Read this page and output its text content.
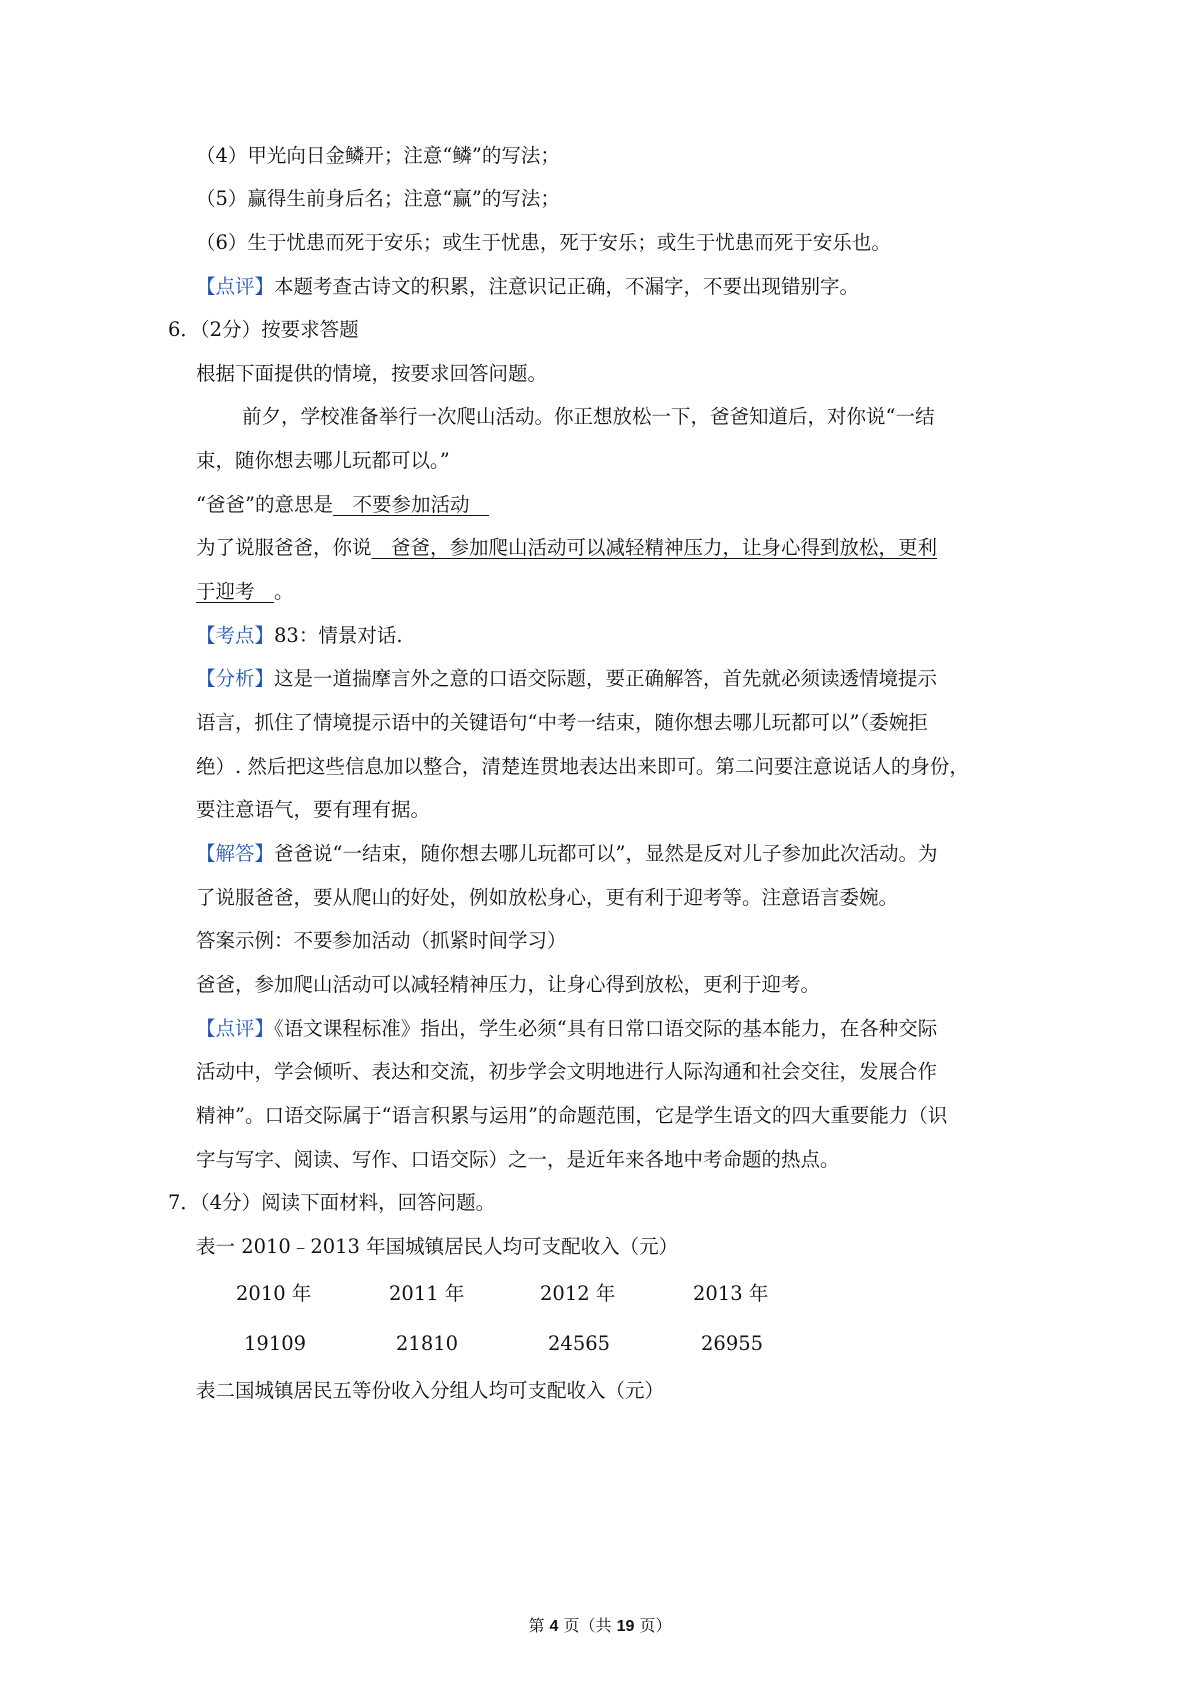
（4）甲光向日金鳞开；注意“鳞”的写法；
（5）赢得生前身后名；注意“赢”的写法；
（6）生于忧患而死于安乐；或生于忧患，死于安乐；或生于忧患而死于安乐也。
【点评】本题考查古诗文的积累，注意识记正确，不漏字，不要出现错别字。
6．（2分）按要求答题
根据下面提供的情境，按要求回答问题。
前夕，学校准备举行一次爬山活动。你正想放松一下，爸爸知道后，对你说“一结
束，随你想去哪儿玩都可以。”
“爸爸”的意思是　不要参加活动　
为了说服爸爸，你说　爸爸，参加爬山活动可以减轻精神压力，让身心得到放松，更利
于迎考　。
【考点】83：情景对话.
【分析】这是一道揣摩言外之意的口语交际题，要正确解答，首先就必须读透情境提示
语言，抓住了情境提示语中的关键语句“中考一结束，随你想去哪儿玩都可以”（委婉拒
绝）. 然后把这些信息加以整合，清楚连贯地表达出来即可。第二问要注意说话人的身份，
要注意语气，要有理有据。
【解答】爸爸说“一结束，随你想去哪儿玩都可以”，显然是反对儿子参加此次活动。为
了说服爸爸，要从爬山的好处，例如放松身心，更有利于迎考等。注意语言委婉。
答案示例：不要参加活动（抓紧时间学习）
爸爸，参加爬山活动可以减轻精神压力，让身心得到放松，更利于迎考。
【点评】《语文课程标准》指出，学生必须“具有日常口语交际的基本能力，在各种交际
活动中，学会倾听、表达和交流，初步学会文明地进行人际沟通和社会交往，发展合作
精神”。口语交际属于“语言积累与运用”的命题范围，它是学生语文的四大重要能力（识
字与写字、阅读、写作、口语交际）之一，是近年来各地中考命题的热点。
7．（4分）阅读下面材料，回答问题。
表一 2010﹣2013 年国城镇居民人均可支配收入（元）
2010 年	2011 年	2012 年	2013 年
19109	21810	24565	26955
表二国城镇居民五等份收入分组人均可支配收入（元）
第 4 页（共 19 页）
